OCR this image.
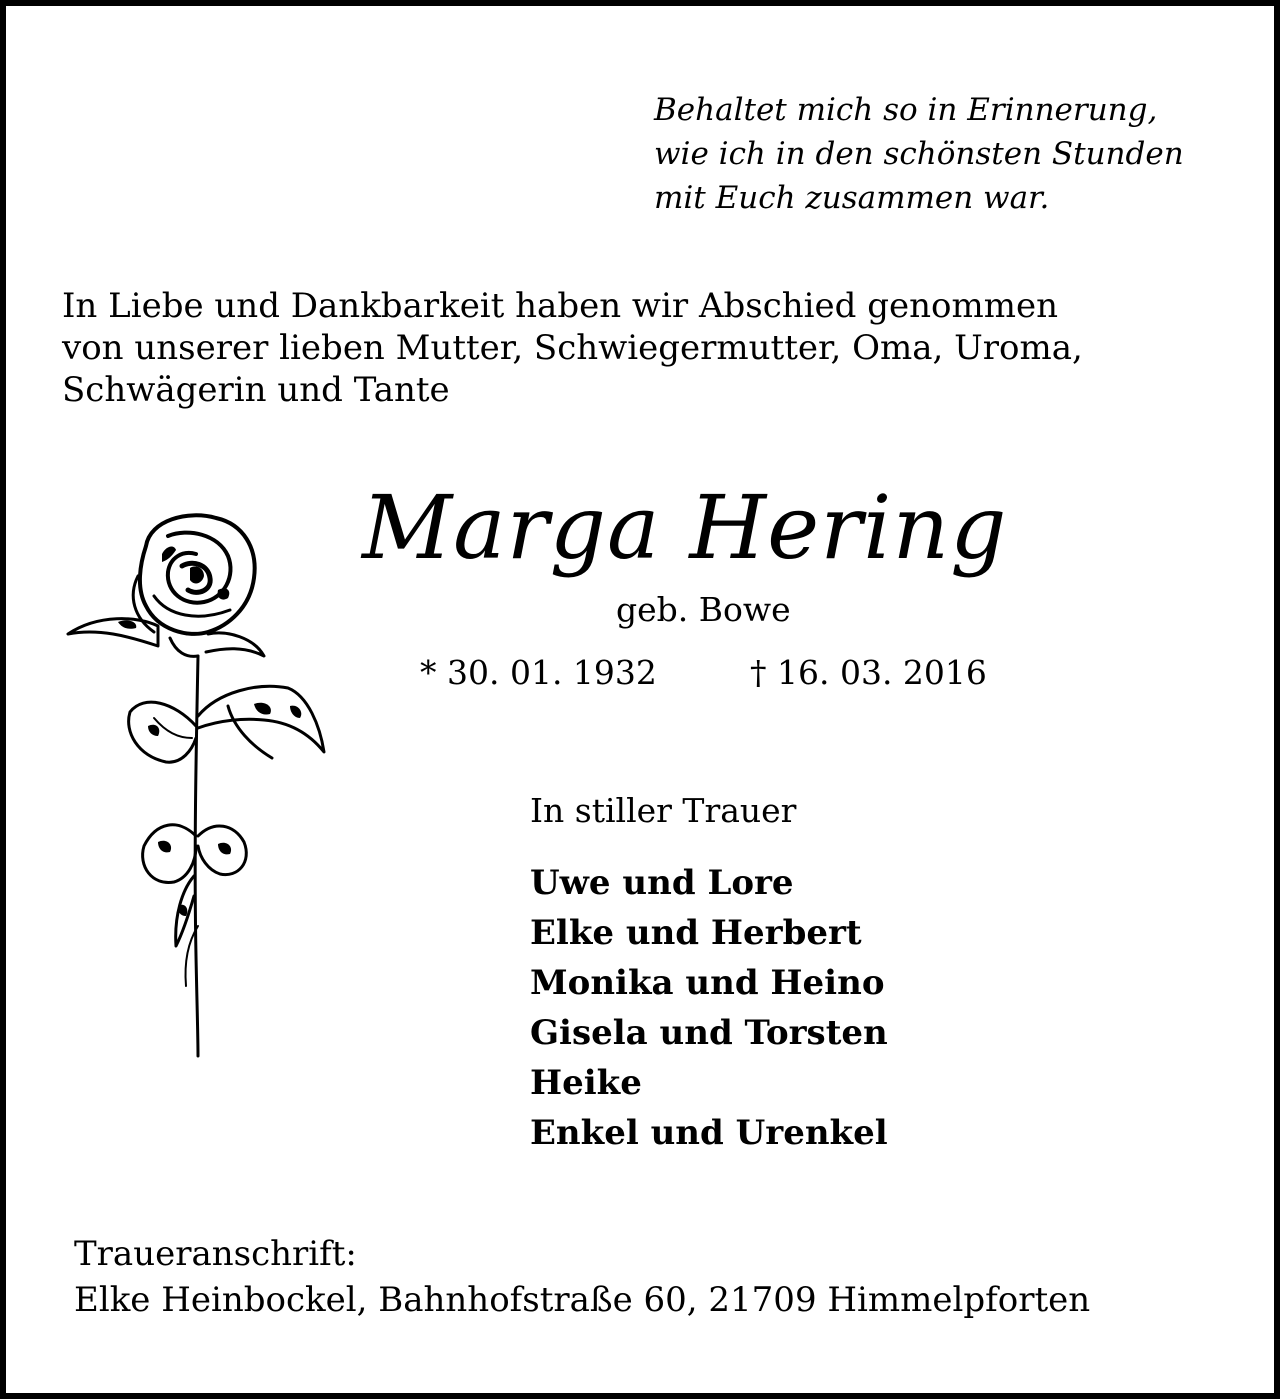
Behaltet mich so in Erinnerung,
wie ich in den schönsten Stunden
mit Euch zusammen war.
In Liebe und Dankbarkeit haben wir Abschied genommen
von unserer lieben Mutter, Schwiegermutter, Oma, Uroma,
Schwägerin und Tante
Marga Hering
geb. Bowe
* 30. 01. 1932	† 16. 03. 2016
In stiller Trauer
Uwe und Lore
Elke und Herbert
Monika und Heino
Gisela und Torsten
Heike
Enkel und Urenkel
Traueranschrift:
Elke Heinbockel, Bahnhofstraße 60, 21709 Himmelpforten
